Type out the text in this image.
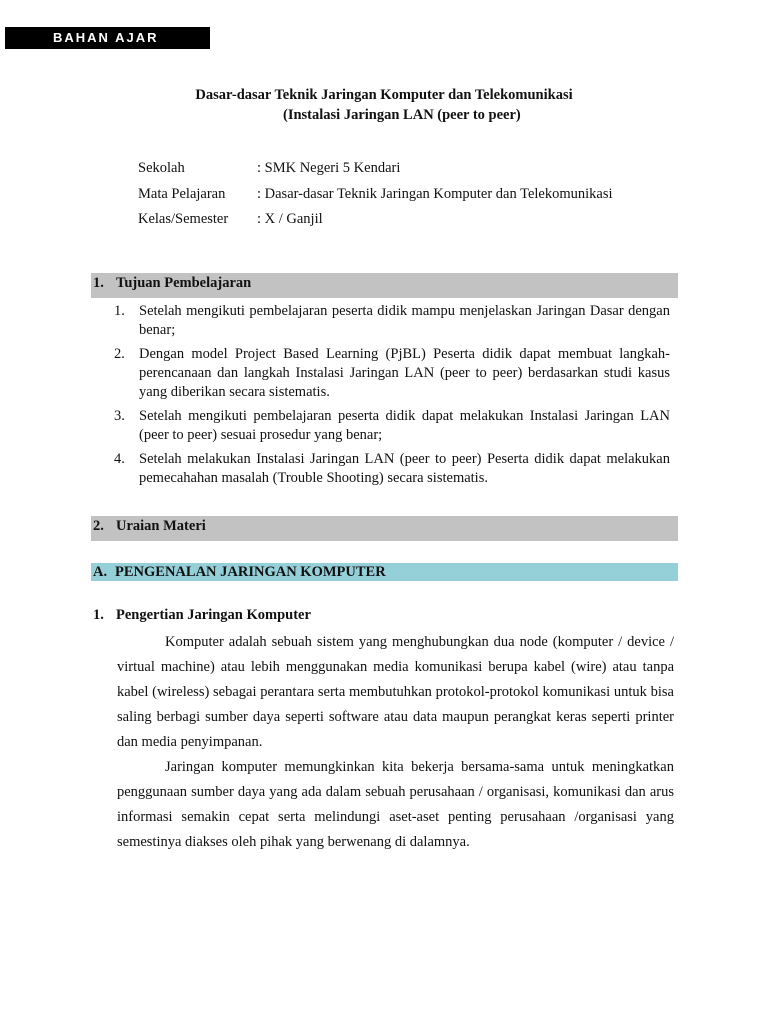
BAHAN AJAR
Dasar-dasar Teknik Jaringan Komputer dan Telekomunikasi
(Instalasi Jaringan LAN (peer to peer)
Sekolah	: SMK Negeri 5 Kendari
Mata Pelajaran : Dasar-dasar Teknik Jaringan Komputer dan Telekomunikasi
Kelas/Semester : X / Ganjil
1. Tujuan Pembelajaran
1. Setelah mengikuti pembelajaran peserta didik mampu menjelaskan Jaringan Dasar dengan benar;
2. Dengan model Project Based Learning (PjBL) Peserta didik dapat membuat langkah-perencanaan dan langkah Instalasi Jaringan LAN (peer to peer) berdasarkan studi kasus yang diberikan secara sistematis.
3. Setelah mengikuti pembelajaran peserta didik dapat melakukan Instalasi Jaringan LAN (peer to peer) sesuai prosedur yang benar;
4. Setelah melakukan Instalasi Jaringan LAN (peer to peer) Peserta didik dapat melakukan pemecahahan masalah (Trouble Shooting) secara sistematis.
2. Uraian Materi
A. PENGENALAN JARINGAN KOMPUTER
1. Pengertian Jaringan Komputer

Komputer adalah sebuah sistem yang menghubungkan dua node (komputer / device / virtual machine) atau lebih menggunakan media komunikasi berupa kabel (wire) atau tanpa kabel (wireless) sebagai perantara serta membutuhkan protokol-protokol komunikasi untuk bisa saling berbagi sumber daya seperti software atau data maupun perangkat keras seperti printer dan media penyimpanan.

Jaringan komputer memungkinkan kita bekerja bersama-sama untuk meningkatkan penggunaan sumber daya yang ada dalam sebuah perusahaan / organisasi, komunikasi dan arus informasi semakin cepat serta melindungi aset-aset penting perusahaan /organisasi yang semestinya diakses oleh pihak yang berwenang di dalamnya.
